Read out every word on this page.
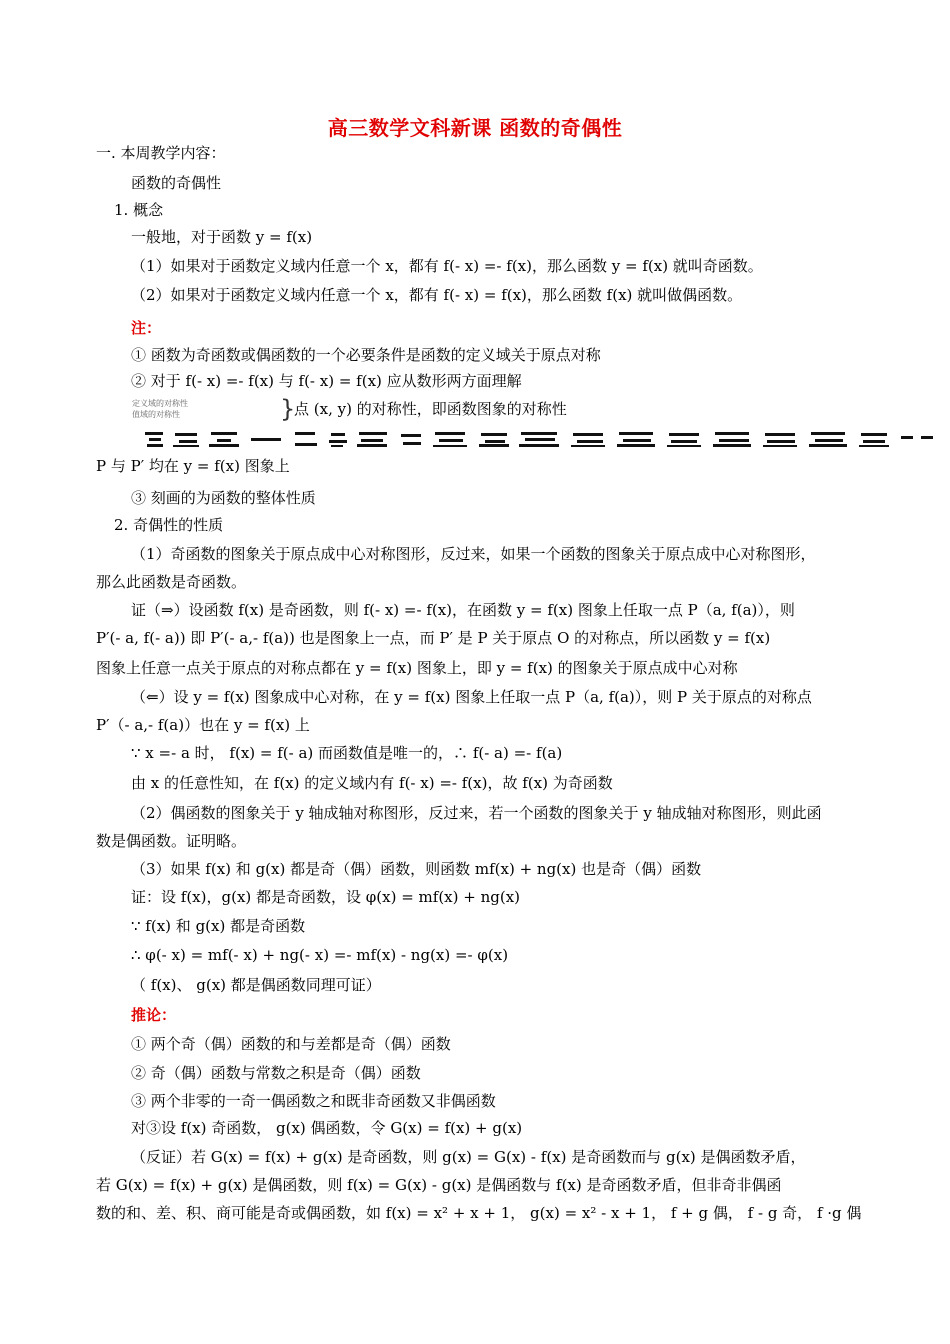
高三数学文科新课 函数的奇偶性
一. 本周教学内容：
函数的奇偶性
1. 概念
一般地，对于函数 y = f(x)
（1）如果对于函数定义域内任意一个 x，都有 f(- x) =- f(x)，那么函数 y = f(x) 就叫奇函数。
（2）如果对于函数定义域内任意一个 x，都有 f(- x) = f(x)，那么函数 f(x) 就叫做偶函数。
注：
① 函数为奇函数或偶函数的一个必要条件是函数的定义域关于原点对称
② 对于 f(- x) =- f(x) 与 f(- x) = f(x) 应从数形两方面理解
定义域的对称性
值域的对称性	}
点 (x, y) 的对称性，即函数图象的对称性
P 与 P′ 均在 y = f(x) 图象上
③ 刻画的为函数的整体性质
2. 奇偶性的性质
（1）奇函数的图象关于原点成中心对称图形，反过来，如果一个函数的图象关于原点成中心对称图形，
那么此函数是奇函数。
证（⇒）设函数 f(x) 是奇函数，则 f(- x) =- f(x)，在函数 y = f(x) 图象上任取一点 P（a, f(a)），则
P′(- a, f(- a)) 即 P′(- a,- f(a)) 也是图象上一点，而 P′ 是 P 关于原点 O 的对称点，所以函数 y = f(x)
图象上任意一点关于原点的对称点都在 y = f(x) 图象上，即 y = f(x) 的图象关于原点成中心对称
（⇐）设 y = f(x) 图象成中心对称，在 y = f(x) 图象上任取一点 P（a, f(a)），则 P 关于原点的对称点
P′（- a,- f(a)）也在 y = f(x) 上
∵ x =- a 时， f(x) = f(- a) 而函数值是唯一的，∴ f(- a) =- f(a)
由 x 的任意性知，在 f(x) 的定义域内有 f(- x) =- f(x)，故 f(x) 为奇函数
（2）偶函数的图象关于 y 轴成轴对称图形，反过来，若一个函数的图象关于 y 轴成轴对称图形，则此函
数是偶函数。证明略。
（3）如果 f(x) 和 g(x) 都是奇（偶）函数，则函数 mf(x) + ng(x) 也是奇（偶）函数
证：设 f(x)，g(x) 都是奇函数，设 φ(x) = mf(x) + ng(x)
∵ f(x) 和 g(x) 都是奇函数
∴ φ(- x) = mf(- x) + ng(- x) =- mf(x) - ng(x) =- φ(x)
（ f(x)、 g(x) 都是偶函数同理可证）
推论：
① 两个奇（偶）函数的和与差都是奇（偶）函数
② 奇（偶）函数与常数之积是奇（偶）函数
③ 两个非零的一奇一偶函数之和既非奇函数又非偶函数
对③设 f(x) 奇函数， g(x) 偶函数，令 G(x) = f(x) + g(x)
（反证）若 G(x) = f(x) + g(x) 是奇函数，则 g(x) = G(x) - f(x) 是奇函数而与 g(x) 是偶函数矛盾，
若 G(x) = f(x) + g(x) 是偶函数，则 f(x) = G(x) - g(x) 是偶函数与 f(x) 是奇函数矛盾，但非奇非偶函
数的和、差、积、商可能是奇或偶函数，如 f(x) = x² + x + 1， g(x) = x² - x + 1， f + g 偶， f - g 奇， f ·g 偶
